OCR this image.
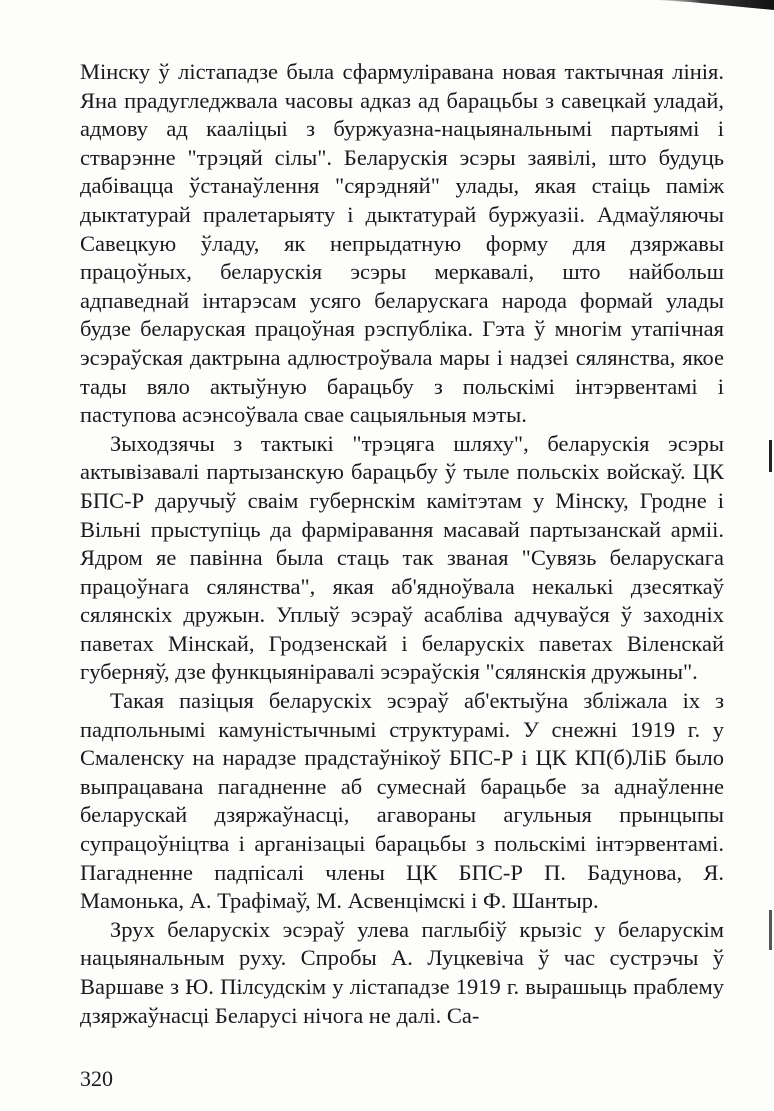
Мінску ў лістападзе была сфармулiравана новая тактычная лінія. Яна прадугледжвала часовы адказ ад барацьбы з савецкай уладай, адмову ад кааліцыі з буржуазна-нацыянальнымі партыямі і стварэнне "трэцяй сілы". Беларускія эсэры заявілі, што будуць дабівацца ўстанаўлення "сярэдняй" улады, якая стаіць паміж дыктатурай пралетарыяту і дыктатурай буржуазіі. Адмаўляючы Савецкую ўладу, як непрыдатную форму для дзяржавы працоўных, беларускія эсэры меркавалі, што найбольш адпаведнай інтарэсам усяго беларускага народа формай улады будзе беларуская працоўная рэспубліка. Гэта ў многім утапічная эсэраўская дактрына адлюстроўвала мары і надзеі сялянства, якое тады вяло актыўную барацьбу з польскімі інтэрвентамі і паступова асэнсоўвала свае сацыяльныя мэты.

Зыходзячы з тактыкі "трэцяга шляху", беларускія эсэры актывізавалі партызанскую барацьбу ў тыле польскіх войскаў. ЦК БПС-Р даручыў сваім губернскім камітэтам у Мінску, Гродне і Вільні прыступіць да фарміравання масавай партызанскай арміі. Ядром яе павінна была стаць так званая "Сувязь беларускага працоўнага сялянства", якая аб'ядноўвала некалькі дзесяткаў сялянскіх дружын. Уплыў эсэраў асабліва адчуваўся ў заходніх паветах Мінскай, Гродзенскай і беларускіх паветах Віленскай губерняў, дзе функцыянiравалі эсэраўскія "сялянскія дружыны".

Такая пазіцыя беларускіх эсэраў аб'ектыўна збліжала іх з падпольнымі камуністычнымі структурамі. У снежні 1919 г. у Смаленску на нарадзе прадстаўнікоў БПС-Р і ЦК КП(б)ЛіБ было выпрацавана пагадненне аб сумеснай барацьбе за аднаўленне беларускай дзяржаўнасці, агавораны агульныя прынцыпы супрацоўніцтва і арганізацыі барацьбы з польскімі інтэрвентамі. Пагадненне падпісалі члены ЦК БПС-Р П. Бадунова, Я. Мамонька, А. Трафімаў, М. Асвенцімскі і Ф. Шантыр.

Зрух беларускіх эсэраў улева паглыбіў крызіс у беларускім нацыянальным руху. Спробы А. Луцкевіча ў час сустрэчы ў Варшаве з Ю. Пілсудскім у лістападзе 1919 г. вырашыць праблему дзяржаўнасці Беларусі нічога не далі. Са-

320
